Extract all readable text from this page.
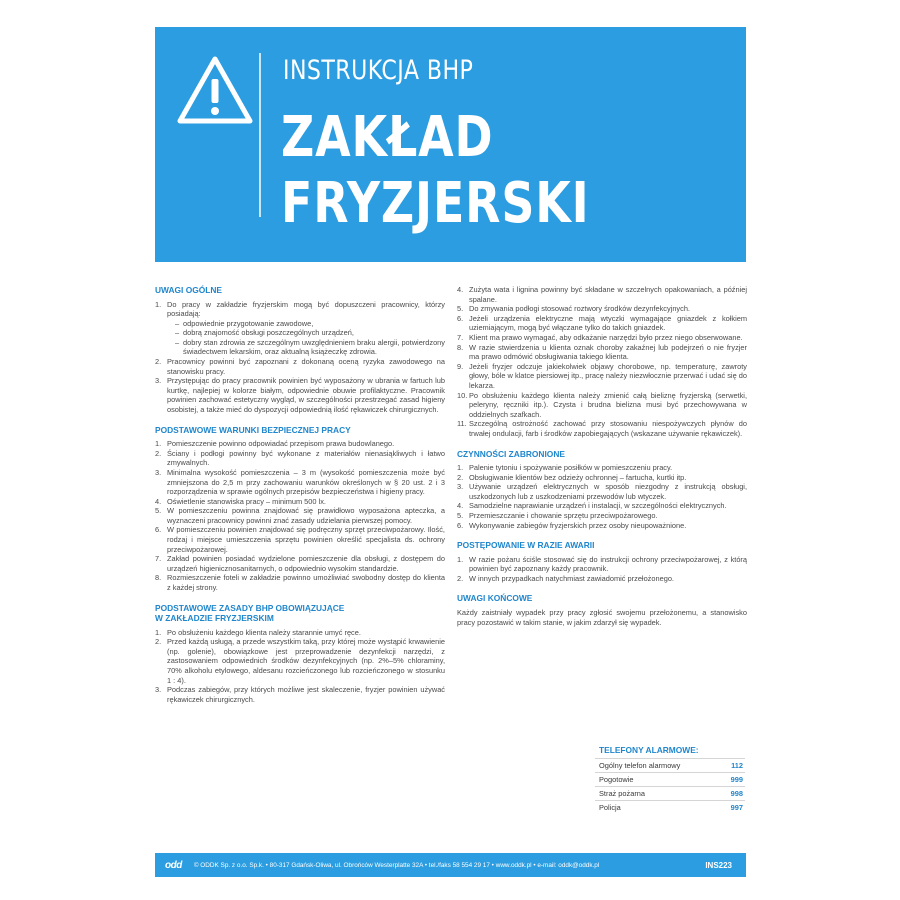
INSTRUKCJA BHP
ZAKŁAD
FRYZJERSKI
UWAGI OGÓLNE
1. Do pracy w zakładzie fryzjerskim mogą być dopuszczeni pracownicy, którzy posiadają:
– odpowiednie przygotowanie zawodowe,
– dobrą znajomość obsługi poszczególnych urządzeń,
– dobry stan zdrowia ze szczególnym uwzględnieniem braku alergii, potwierdzony świadectwem lekarskim, oraz aktualną książeczkę zdrowia.
2. Pracownicy powinni być zapoznani z dokonaną oceną ryzyka zawodowego na stanowisku pracy.
3. Przystępując do pracy pracownik powinien być wyposażony w ubrania w fartuch lub kurtkę, najlepiej w kolorze białym, odpowiednie obuwie profilaktyczne. Pracownik powinien zachować estetyczny wygląd, w szczególności przestrzegać zasad higieny osobistej, a także mieć do dyspozycji odpowiednią ilość rękawiczek chirurgicznych.
PODSTAWOWE WARUNKI BEZPIECZNEJ PRACY
1. Pomieszczenie powinno odpowiadać przepisom prawa budowlanego.
2. Ściany i podłogi powinny być wykonane z materiałów nienasiąkliwych i łatwo zmywalnych.
3. Minimalna wysokość pomieszczenia – 3 m (wysokość pomieszczenia może być zmniejszona do 2,5 m przy zachowaniu warunków określonych w § 20 ust. 2 i 3 rozporządzenia w sprawie ogólnych przepisów bezpieczeństwa i higieny pracy.
4. Oświetlenie stanowiska pracy – minimum 500 lx.
5. W pomieszczeniu powinna znajdować się prawidłowo wyposażona apteczka, a wyznaczeni pracownicy powinni znać zasady udzielania pierwszej pomocy.
6. W pomieszczeniu powinien znajdować się podręczny sprzęt przeciwpożarowy. Ilość, rodzaj i miejsce umieszczenia sprzętu powinien określić specjalista ds. ochrony przeciwpożarowej.
7. Zakład powinien posiadać wydzielone pomieszczenie dla obsługi, z dostępem do urządzeń higienicznosanitarnych, o odpowiednio wysokim standardzie.
8. Rozmieszczenie foteli w zakładzie powinno umożliwiać swobodny dostęp do klienta z każdej strony.
PODSTAWOWE ZASADY BHP OBOWIĄZUJĄCE
W ZAKŁADZIE FRYZJERSKIM
1. Po obsłużeniu każdego klienta należy starannie umyć ręce.
2. Przed każdą usługą, a przede wszystkim taką, przy której może wystąpić krwawienie (np. golenie), obowiązkowe jest przeprowadzenie dezynfekcji narzędzi, z zastosowaniem odpowiednich środków dezynfekcyjnych (np. 2%–5% chloraminy, 70% alkoholu etylowego, aldesanu rozcieńczonego lub rozcieńczonego w stosunku 1 : 4).
3. Podczas zabiegów, przy których możliwe jest skaleczenie, fryzjer powinien używać rękawiczek chirurgicznych.
4. Zużyta wata i lignina powinny być składane w szczelnych opakowaniach, a później spalane.
5. Do zmywania podłogi stosować roztwory środków dezynfekcyjnych.
6. Jeżeli urządzenia elektryczne mają wtyczki wymagające gniazdek z kołkiem uziemiającym, mogą być włączane tylko do takich gniazdek.
7. Klient ma prawo wymagać, aby odkażanie narzędzi było przez niego obserwowane.
8. W razie stwierdzenia u klienta oznak choroby zakaźnej lub podejrzeń o nie fryzjer ma prawo odmówić obsługiwania takiego klienta.
9. Jeżeli fryzjer odczuje jakiekolwiek objawy chorobowe, np. temperaturę, zawroty głowy, bóle w klatce piersiowej itp., pracę należy niezwłocznie przerwać i udać się do lekarza.
10. Po obsłużeniu każdego klienta należy zmienić całą bieliznę fryzjerską (serwetki, peleryny, ręczniki itp.). Czysta i brudna bielizna musi być przechowywana w oddzielnych szafkach.
11. Szczególną ostrożność zachować przy stosowaniu niespożywczych płynów do trwałej ondulacji, farb i środków zapobiegających (wskazane używanie rękawiczek).
CZYNNOŚCI ZABRONIONE
1. Palenie tytoniu i spożywanie posiłków w pomieszczeniu pracy.
2. Obsługiwanie klientów bez odzieży ochronnej – fartucha, kurtki itp.
3. Używanie urządzeń elektrycznych w sposób niezgodny z instrukcją obsługi, uszkodzonych lub z uszkodzeniami przewodów lub wtyczek.
4. Samodzielne naprawianie urządzeń i instalacji, w szczególności elektrycznych.
5. Przemieszczanie i chowanie sprzętu przeciwpożarowego.
6. Wykonywanie zabiegów fryzjerskich przez osoby nieupoważnione.
POSTĘPOWANIE W RAZIE AWARII
1. W razie pożaru ściśle stosować się do instrukcji ochrony przeciwpożarowej, z którą powinien być zapoznany każdy pracownik.
2. W innych przypadkach natychmiast zawiadomić przełożonego.
UWAGI KOŃCOWE
Każdy zaistniały wypadek przy pracy zgłosić swojemu przełożonemu, a stanowisko pracy pozostawić w takim stanie, w jakim zdarzył się wypadek.
TELEFONY ALARMOWE:
Ogólny telefon alarmowy	112
Pogotowie	999
Straż pożarna	998
Policja	997
odd © ODDK Sp. z o.o. Sp.k. • 80-317 Gdańsk-Oliwa, ul. Obrońców Westerplatte 32A • tel./faks 58 554 29 17 • www.oddk.pl • e-mail: oddk@oddk.pl	INS223
